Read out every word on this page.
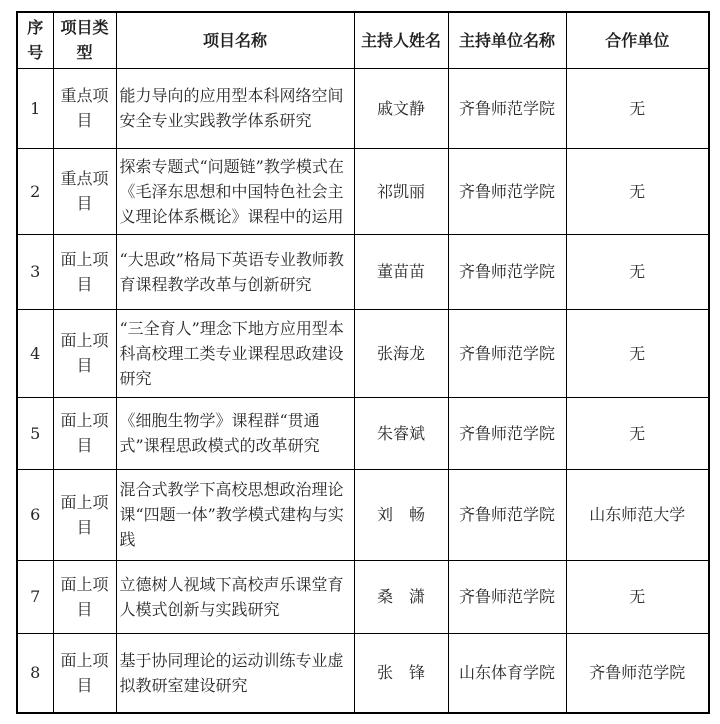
序号	项目类型	项目名称	主持人姓名	主持单位名称	合作单位
1	重点项目	能力导向的应用型本科网络空间安全专业实践教学体系研究	戚文静	齐鲁师范学院	无
2	重点项目	探索专题式“问题链”教学模式在《毛泽东思想和中国特色社会主义理论体系概论》课程中的运用	祁凯丽	齐鲁师范学院	无
3	面上项目	“大思政”格局下英语专业教师教育课程教学改革与创新研究	董苗苗	齐鲁师范学院	无
4	面上项目	“三全育人”理念下地方应用型本科高校理工类专业课程思政建设研究	张海龙	齐鲁师范学院	无
5	面上项目	《细胞生物学》课程群“贯通式”课程思政模式的改革研究	朱睿斌	齐鲁师范学院	无
6	面上项目	混合式教学下高校思想政治理论课“四题一体”教学模式建构与实践	刘　畅	齐鲁师范学院	山东师范大学
7	面上项目	立德树人视域下高校声乐课堂育人模式创新与实践研究	桑　潇	齐鲁师范学院	无
8	面上项目	基于协同理论的运动训练专业虚拟教研室建设研究	张　锋	山东体育学院	齐鲁师范学院
